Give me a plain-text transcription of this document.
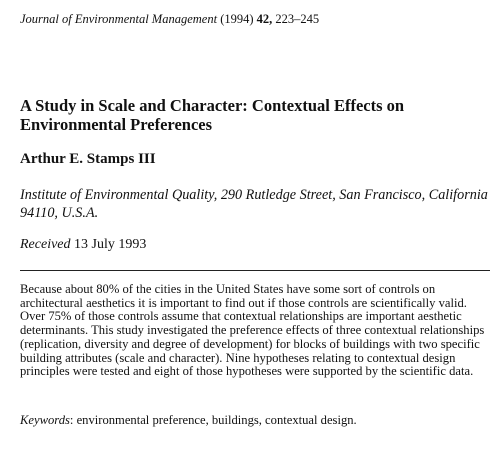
Journal of Environmental Management (1994) 42, 223–245
A Study in Scale and Character: Contextual Effects on Environmental Preferences
Arthur E. Stamps III
Institute of Environmental Quality, 290 Rutledge Street, San Francisco, California 94110, U.S.A.
Received 13 July 1993
Because about 80% of the cities in the United States have some sort of controls on architectural aesthetics it is important to find out if those controls are scientifically valid. Over 75% of those controls assume that contextual relationships are important aesthetic determinants. This study investigated the preference effects of three contextual relationships (replication, diversity and degree of development) for blocks of buildings with two specific building attributes (scale and character). Nine hypotheses relating to contextual design principles were tested and eight of those hypotheses were supported by the scientific data.
Keywords: environmental preference, buildings, contextual design.
